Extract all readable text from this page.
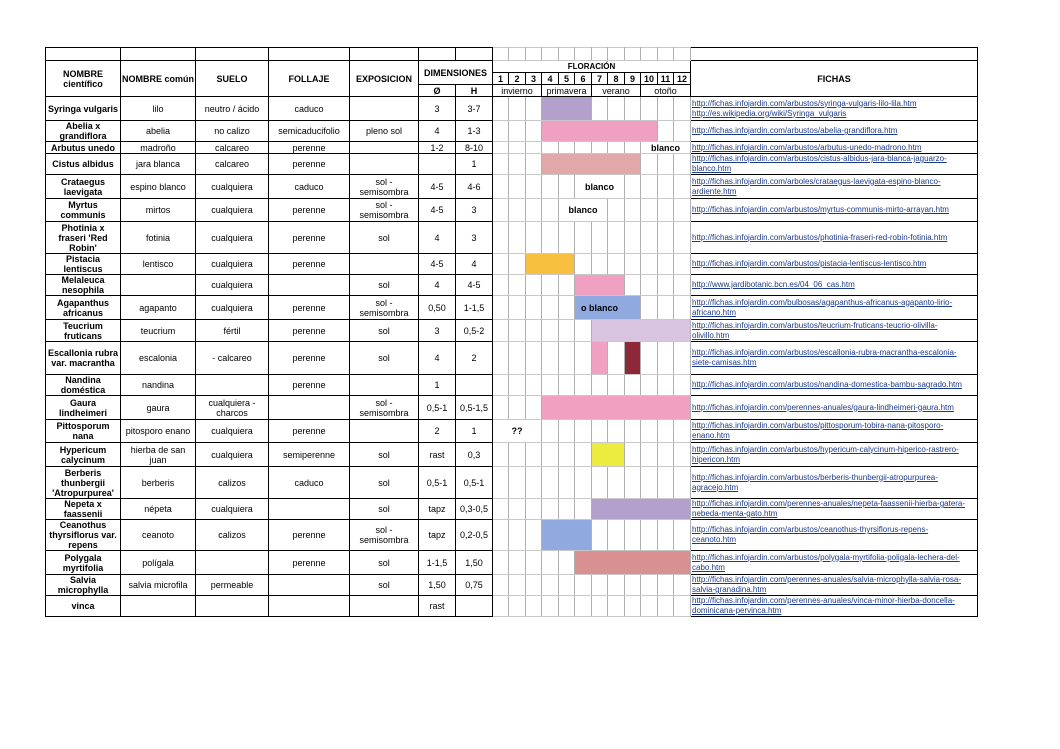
NOMBRE científico	NOMBRE común	SUELO	FOLLAJE	EXPOSICION	DIMENSIONES		FLORACIÓN												FICHAS
							1	2	3	4	5	6	7	8	9	10	11	12	
					Ø	H	invierno			primavera			verano			otoño			
Syringa vulgaris	lilo	neutro / ácido	caduco		3	3-7													http://fichas.infojardin.com/arbustos/syringa-vulgaris-lilo-lila.htm
http://es.wikipedia.org/wiki/Syringa_vulgaris

Abelia x grandiflora	abelia	no calizo	semicaducifolio	pleno sol	4	1-3													http://fichas.infojardin.com/arbustos/abelia-grandiflora.htm

Arbutus unedo	madroño	calcareo	perenne		1-2	8-10										blanco			http://fichas.infojardin.com/arbustos/arbutus-unedo-madrono.htm

Cistus albidus	jara blanca	calcareo	perenne			1													http://fichas.infojardin.com/arbustos/cistus-albidus-jara-blanca-jaguarzo-
blanco.htm

Crataegus laevigata	espino blanco	cualquiera	caduco	sol - semisombra	4-5	4-6						blanco							http://fichas.infojardin.com/arboles/crataegus-laevigata-espino-blanco-
ardiente.htm

Myrtus communis	mirtos	cualquiera	perenne	sol - semisombra	4-5	3					blanco								http://fichas.infojardin.com/arbustos/myrtus-communis-mirto-arrayan.htm

Photinia x fraseri 'Red Robin'	fotinia	cualquiera	perenne	sol	4	3													http://fichas.infojardin.com/arbustos/photinia-fraseri-red-robin-fotinia.htm

Pistacia lentiscus	lentisco	cualquiera	perenne		4-5	4													http://fichas.infojardin.com/arbustos/pistacia-lentiscus-lentisco.htm

Melaleuca nesophila		cualquiera		sol	4	4-5													http://www.jardibotanic.bcn.es/04_06_cas.htm

Agapanthus africanus	agapanto	cualquiera	perenne	sol - semisombra	0,50	1-1,5						o blanco							http://fichas.infojardin.com/bulbosas/agapanthus-africanus-agapanto-lirio-
africano.htm

Teucrium fruticans	teucrium	fértil	perenne	sol	3	0,5-2													http://fichas.infojardin.com/arbustos/teucrium-fruticans-teucrio-olivilla-
olivillo.htm

Escallonia rubra var. macrantha	escalonia	- calcareo	perenne	sol	4	2													http://fichas.infojardin.com/arbustos/escallonia-rubra-macrantha-escalonia-
siete-camisas.htm

Nandina doméstica	nandina		perenne		1														http://fichas.infojardin.com/arbustos/nandina-domestica-bambu-sagrado.htm

Gaura lindheimeri	gaura	cualquiera - charcos		sol - semisombra	0,5-1	0,5-1,5													http://fichas.infojardin.com/perennes-anuales/gaura-lindheimeri-gaura.htm

Pittosporum nana	pitosporo enano	cualquiera	perenne		2	1	??												http://fichas.infojardin.com/arbustos/pittosporum-tobira-nana-pitosporo-
enano.htm

Hypericum calycinum	hierba de san juan	cualquiera	semiperenne	sol	rast	0,3													http://fichas.infojardin.com/arbustos/hypericum-calycinum-hiperico-rastrero-
hipericon.htm

Berberis thunbergii 'Atropurpurea'	berberis	calizos	caduco	sol	0,5-1	0,5-1													http://fichas.infojardin.com/arbustos/berberis-thunbergii-atropurpurea-
agracejo.htm

Nepeta x faassenii	népeta	cualquiera		sol	tapz	0,3-0,5													http://fichas.infojardin.com/perennes-anuales/nepeta-faassenii-hierba-gatera-
nebeda-menta-gato.htm

Ceanothus thyrsiflorus var. repens	ceanoto	calizos	perenne	sol - semisombra	tapz	0,2-0,5													http://fichas.infojardin.com/arbustos/ceanothus-thyrsiflorus-repens-
ceanoto.htm

Polygala myrtifolia	polígala		perenne	sol	1-1,5	1,50													http://fichas.infojardin.com/arbustos/polygala-myrtifolia-poligala-lechera-del-
cabo.htm

Salvia microphylla	salvia microfila	permeable		sol	1,50	0,75													http://fichas.infojardin.com/perennes-anuales/salvia-microphylla-salvia-rosa-
salvia-granadina.htm

vinca					rast														http://fichas.infojardin.com/perennes-anuales/vinca-minor-hierba-doncella-
dominicana-pervinca.htm
